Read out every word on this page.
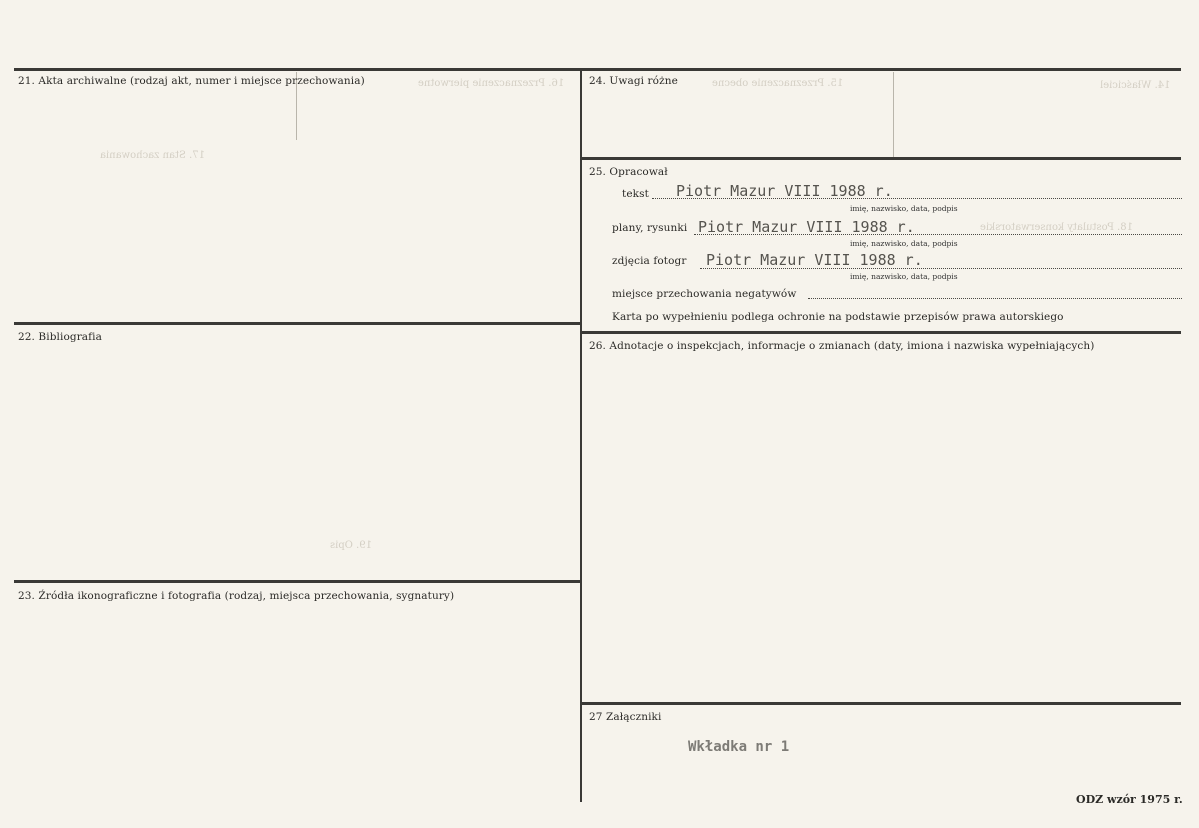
16. Przeznaczenie pierwotne	15. Przeznaczenie obecne	14. Właściciel
17. Stan zachowania
18. Postulaty konserwatorskie
19. Opis
21. Akta archiwalne (rodzaj akt, numer i miejsce przechowania)	24. Uwagi różne
25. Opracował
22. Bibliografia
26. Adnotacje o inspekcjach, informacje o zmianach (daty, imiona i nazwiska wypełniających)
23. Źródła ikonograficzne i fotografia (rodzaj, miejsca przechowania, sygnatury)
27 Załączniki
tekst Piotr Mazur VIII 1988 r.
imię, nazwisko, data, podpis
plany, rysunki Piotr Mazur VIII 1988 r.
imię, nazwisko, data, podpis
zdjęcia fotogr Piotr Mazur VIII 1988 r.
imię, nazwisko, data, podpis
miejsce przechowania negatywów
Karta po wypełnieniu podlega ochronie na podstawie przepisów prawa autorskiego
Wkładka nr 1
ODZ wzór 1975 r.
